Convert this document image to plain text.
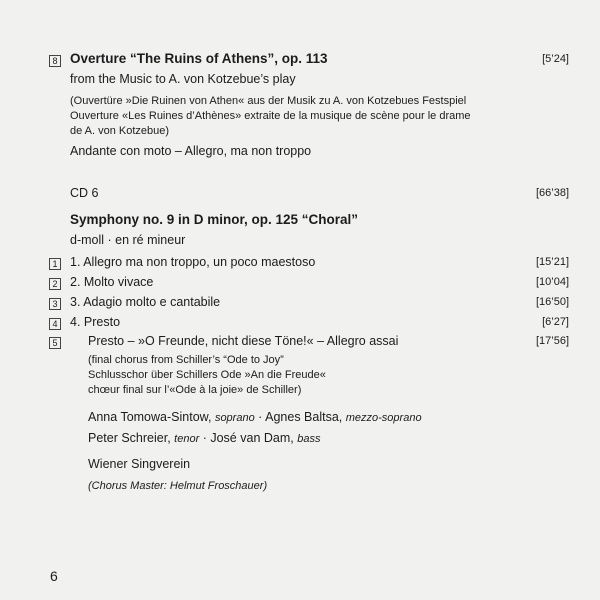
8 Overture “The Ruins of Athens”, op. 113	[5’24]
from the Music to A. von Kotzebue’s play
(Ouvertüre »Die Ruinen von Athen« aus der Musik zu A. von Kotzebues Festspiel
Ouverture «Les Ruines d’Athènes» extraite de la musique de scène pour le drame
de A. von Kotzebue)
Andante con moto – Allegro, ma non troppo
CD 6	[66’38]
Symphony no. 9 in D minor, op. 125 “Choral”
d-moll · en ré mineur
1 1. Allegro ma non troppo, un poco maestoso	[15’21]
2 2. Molto vivace	[10’04]
3 3. Adagio molto e cantabile	[16’50]
4 4. Presto	[6’27]
5 Presto – »O Freunde, nicht diese Töne!« – Allegro assai	[17’56]
(final chorus from Schiller’s “Ode to Joy”
Schlusschor über Schillers Ode »An die Freude«
chœur final sur l’«Ode à la joie» de Schiller)
Anna Tomowa-Sintow, soprano · Agnes Baltsa, mezzo-soprano
Peter Schreier, tenor · José van Dam, bass
Wiener Singverein
(Chorus Master: Helmut Froschauer)
6
